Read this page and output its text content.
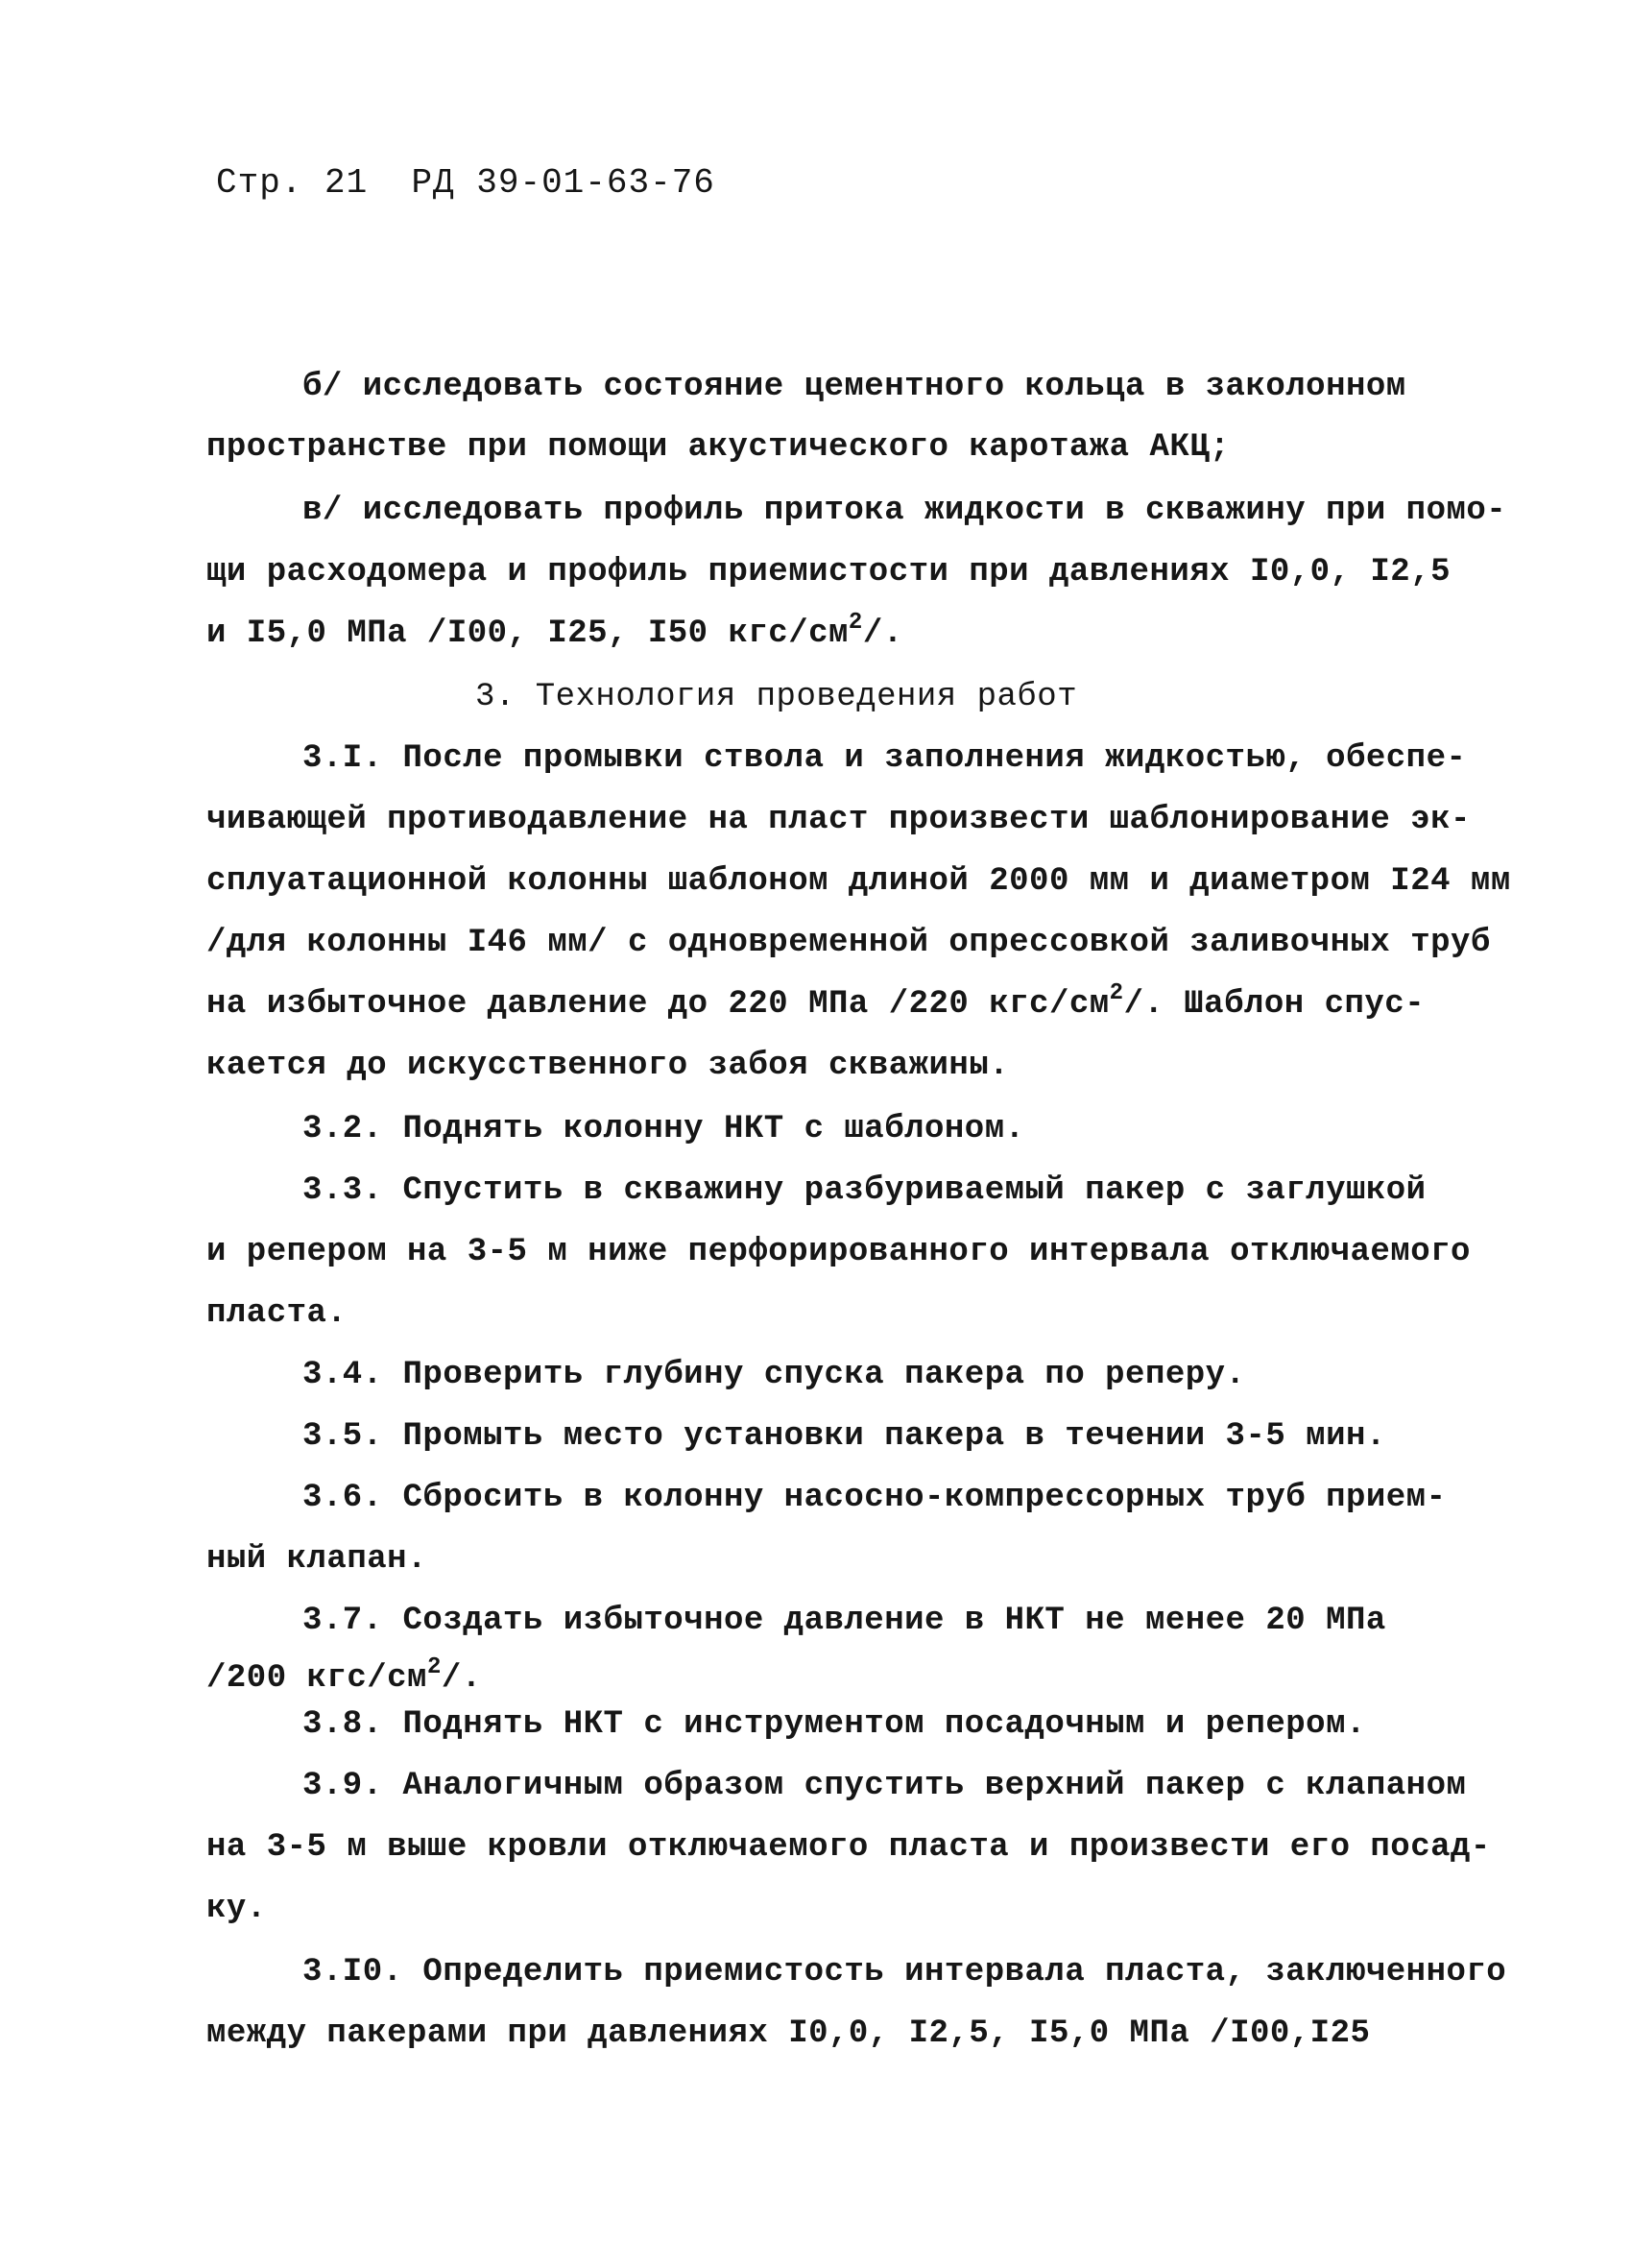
Стр. 21 РД 39-01-63-76
б/ исследовать состояние цементного кольца в заколонном
пространстве при помощи акустического каротажа АКЦ;
в/ исследовать профиль притока жидкости в скважину при помо-
щи расходомера и профиль приемистости при давлениях I0,0, I2,5
и I5,0 МПа /I00, I25, I50 кгс/$см^2/$.
3. Технология проведения работ
3.I. После промывки ствола и заполнения жидкостью, обеспе-
чивающей противодавление на пласт произвести шаблонирование эк-
сплуатационной колонны шаблоном длиной 2000 мм и диаметром I24 мм
/для колонны I46 мм/ с одновременной опрессовкой заливочных труб
на избыточное давление до 220 МПа /220 кгс/$см^2/$. Шаблон спус-
кается до искусственного забоя скважины.
3.2. Поднять колонну НКТ с шаблоном.
3.3. Спустить в скважину разбуриваемый пакер с заглушкой
и репером на 3-5 м ниже перфорированного интервала отключаемого
пласта.
3.4. Проверить глубину спуска пакера по реперу.
3.5. Промыть место установки пакера в течении 3-5 мин.
3.6. Сбросить в колонну насосно-компрессорных труб прием-
ный клапан.
3.7. Создать избыточное давление в НКТ не менее 20 МПа
/200 кгс/$см^2/$.
3.8. Поднять НКТ с инструментом посадочным и репером.
3.9. Аналогичным образом спустить верхний пакер с клапаном
на 3-5 м выше кровли отключаемого пласта и произвести его посад-
ку.
3.I0. Определить приемистость интервала пласта, заключенного
между пакерами при давлениях I0,0, I2,5, I5,0 МПа /I00,I25
